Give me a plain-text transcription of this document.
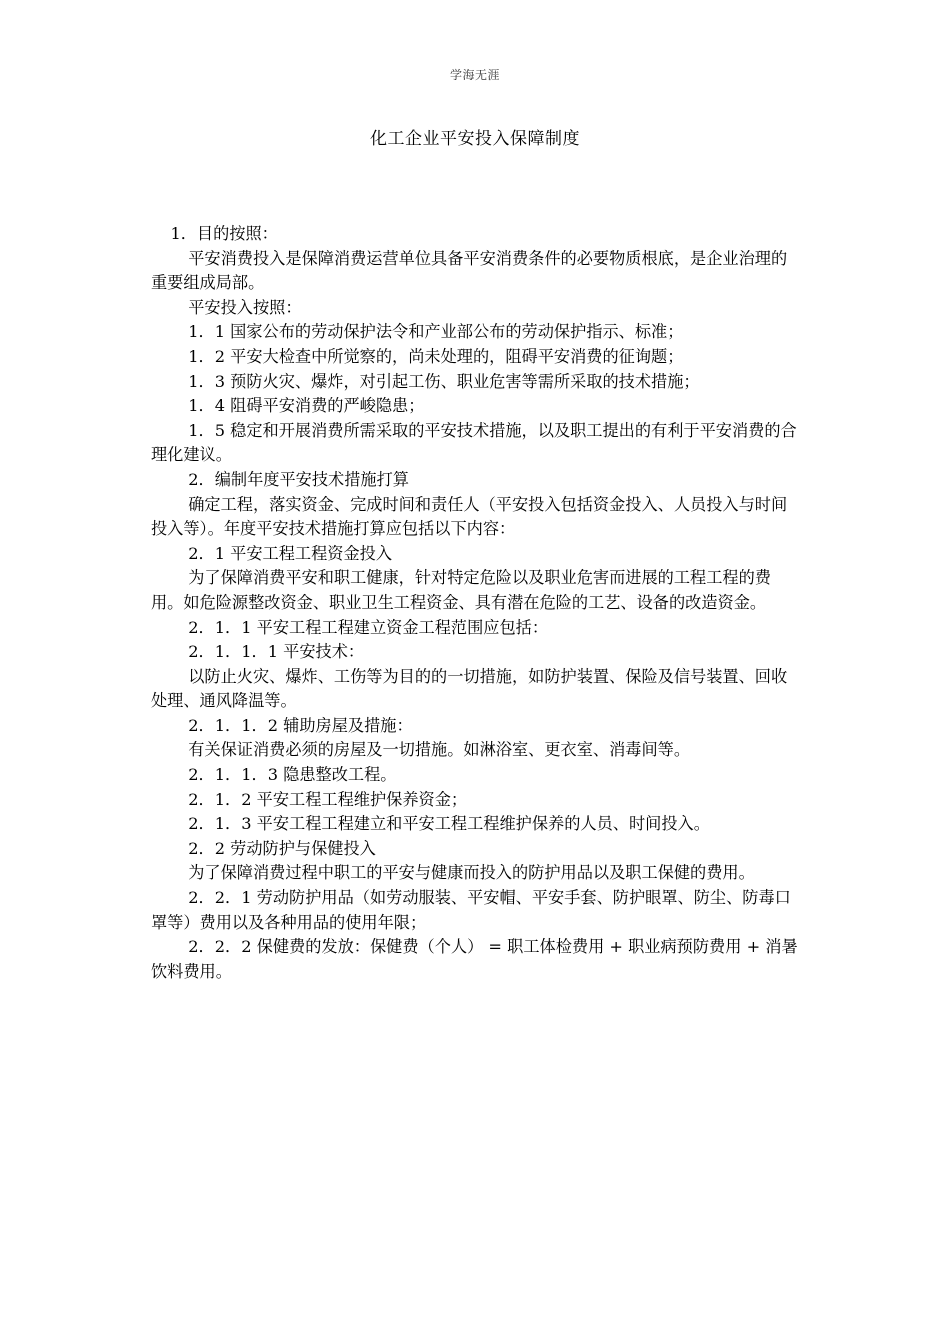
学海无涯
化工企业平安投入保障制度

1．目的按照：

平安消费投入是保障消费运营单位具备平安消费条件的必要物质根底，是企业治理的重要组成局部。

平安投入按照：

1．1 国家公布的劳动保护法令和产业部公布的劳动保护指示、标准；

1．2 平安大检查中所觉察的，尚未处理的，阻碍平安消费的征询题；

1．3 预防火灾、爆炸，对引起工伤、职业危害等需所采取的技术措施；

1．4 阻碍平安消费的严峻隐患；

1．5 稳定和开展消费所需采取的平安技术措施，以及职工提出的有利于平安消费的合理化建议。

2．编制年度平安技术措施打算

确定工程，落实资金、完成时间和责任人（平安投入包括资金投入、人员投入与时间投入等）。年度平安技术措施打算应包括以下内容：

2．1 平安工程工程资金投入

为了保障消费平安和职工健康，针对特定危险以及职业危害而进展的工程工程的费用。如危险源整改资金、职业卫生工程资金、具有潜在危险的工艺、设备的改造资金。

2．1．1 平安工程工程建立资金工程范围应包括：

2．1．1．1 平安技术：

以防止火灾、爆炸、工伤等为目的的一切措施，如防护装置、保险及信号装置、回收处理、通风降温等。

2．1．1．2 辅助房屋及措施：

有关保证消费必须的房屋及一切措施。如淋浴室、更衣室、消毒间等。

2．1．1．3 隐患整改工程。

2．1．2 平安工程工程维护保养资金；

2．1．3 平安工程工程建立和平安工程工程维护保养的人员、时间投入。

2．2 劳动防护与保健投入

为了保障消费过程中职工的平安与健康而投入的防护用品以及职工保健的费用。

2．2．1 劳动防护用品（如劳动服装、平安帽、平安手套、防护眼罩、防尘、防毒口罩等）费用以及各种用品的使用年限；

2．2．2 保健费的发放：保健费（个人） = 职工体检费用 + 职业病预防费用 + 消暑饮料费用。
